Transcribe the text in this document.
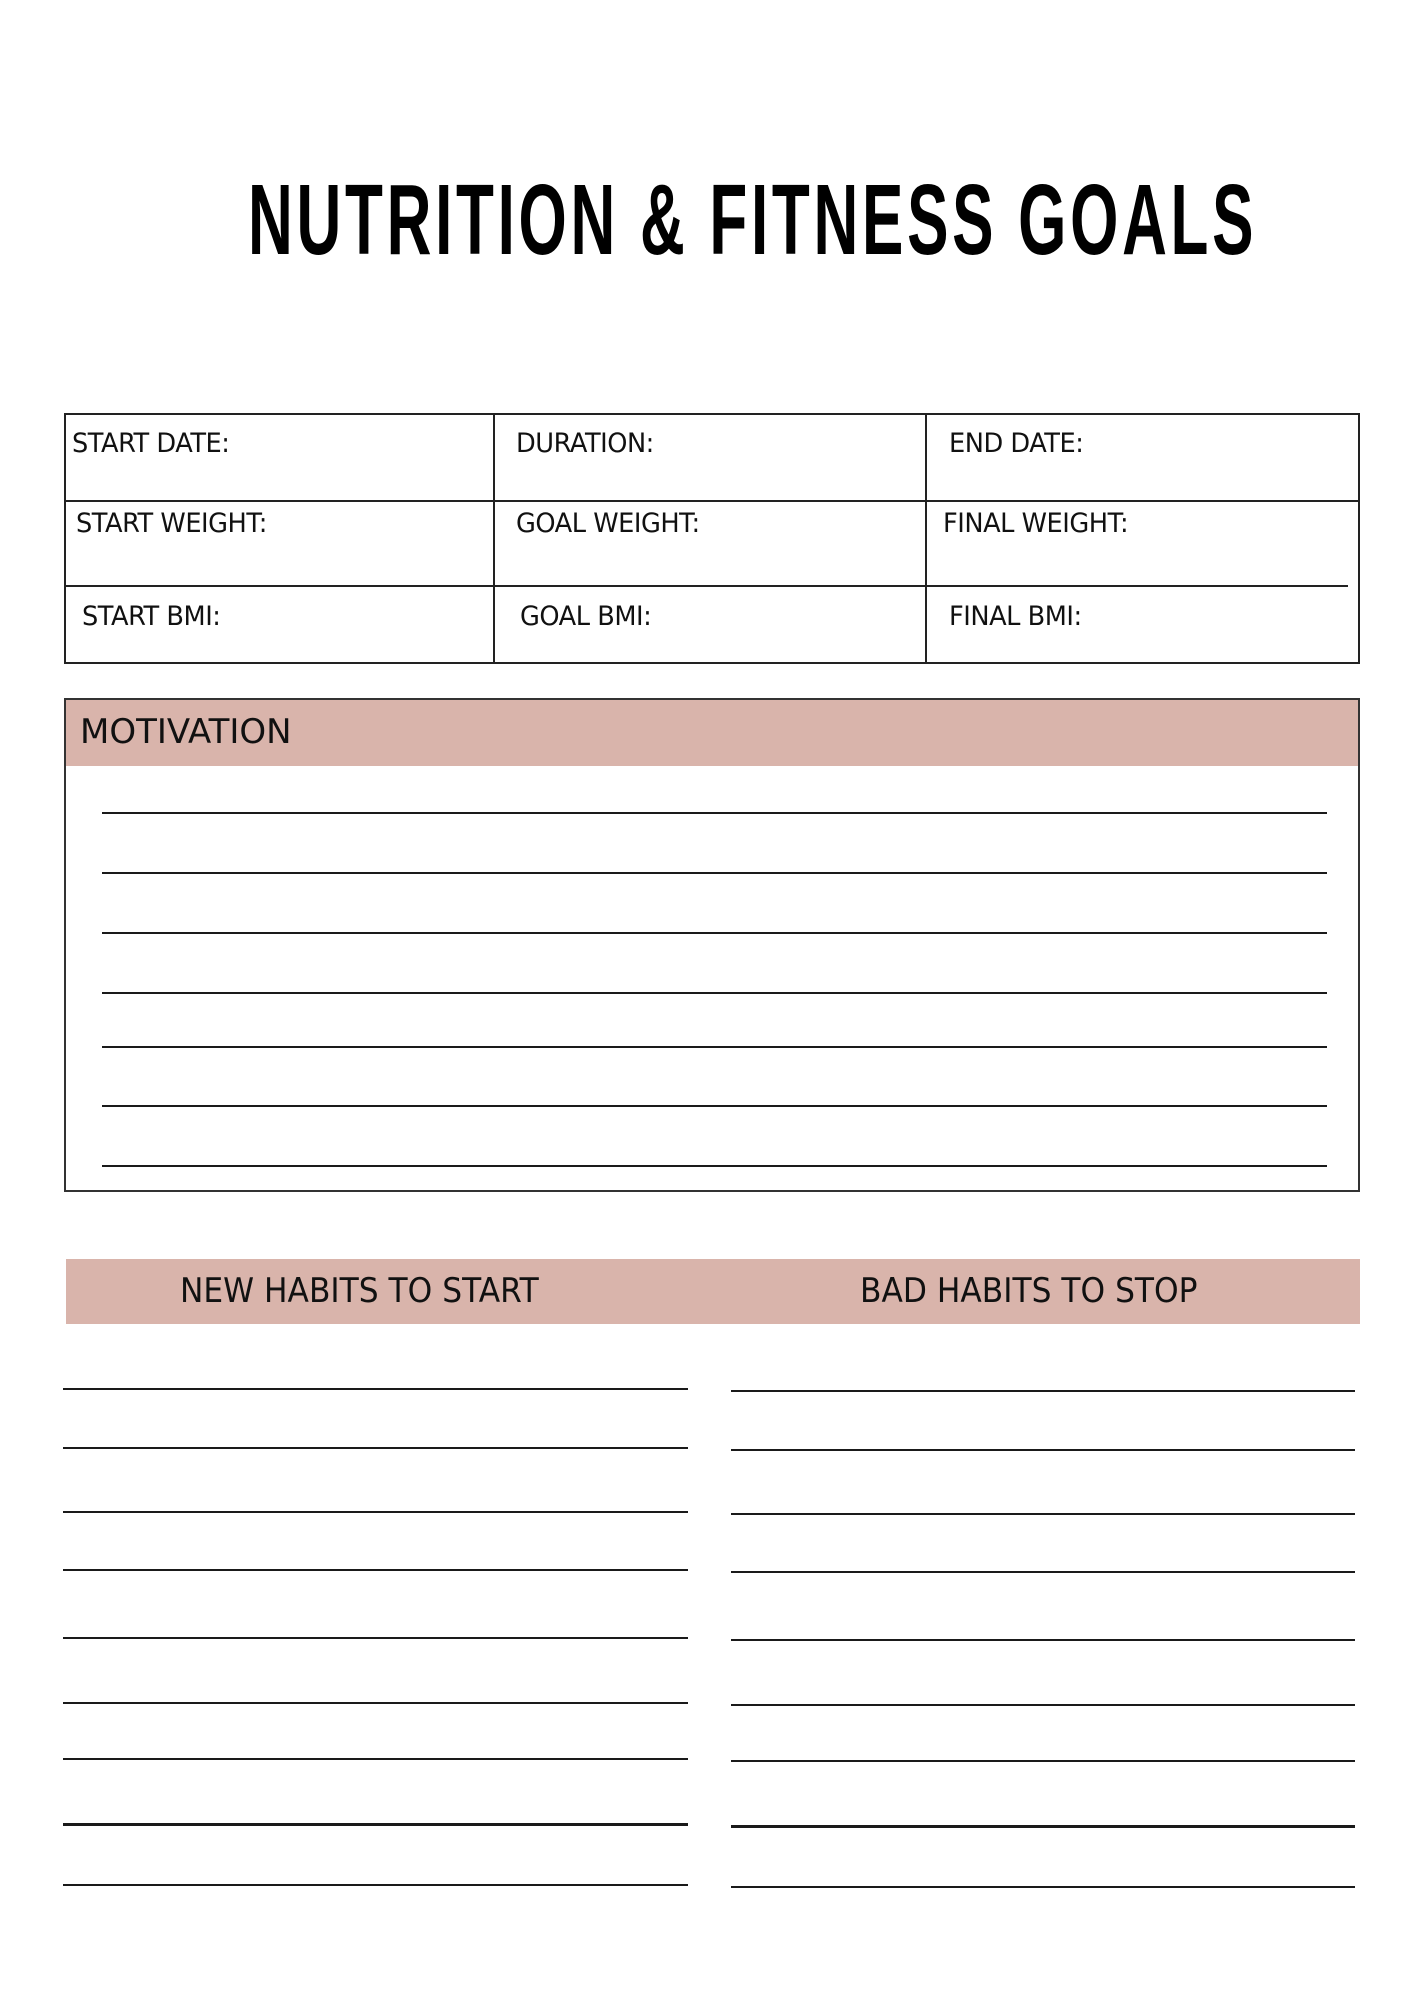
NUTRITION & FITNESS GOALS
START DATE:	DURATION:	END DATE:
START WEIGHT:	GOAL WEIGHT:	FINAL WEIGHT:
START BMI:	GOAL BMI:	FINAL BMI:
MOTIVATION
NEW HABITS TO START	BAD HABITS TO STOP
